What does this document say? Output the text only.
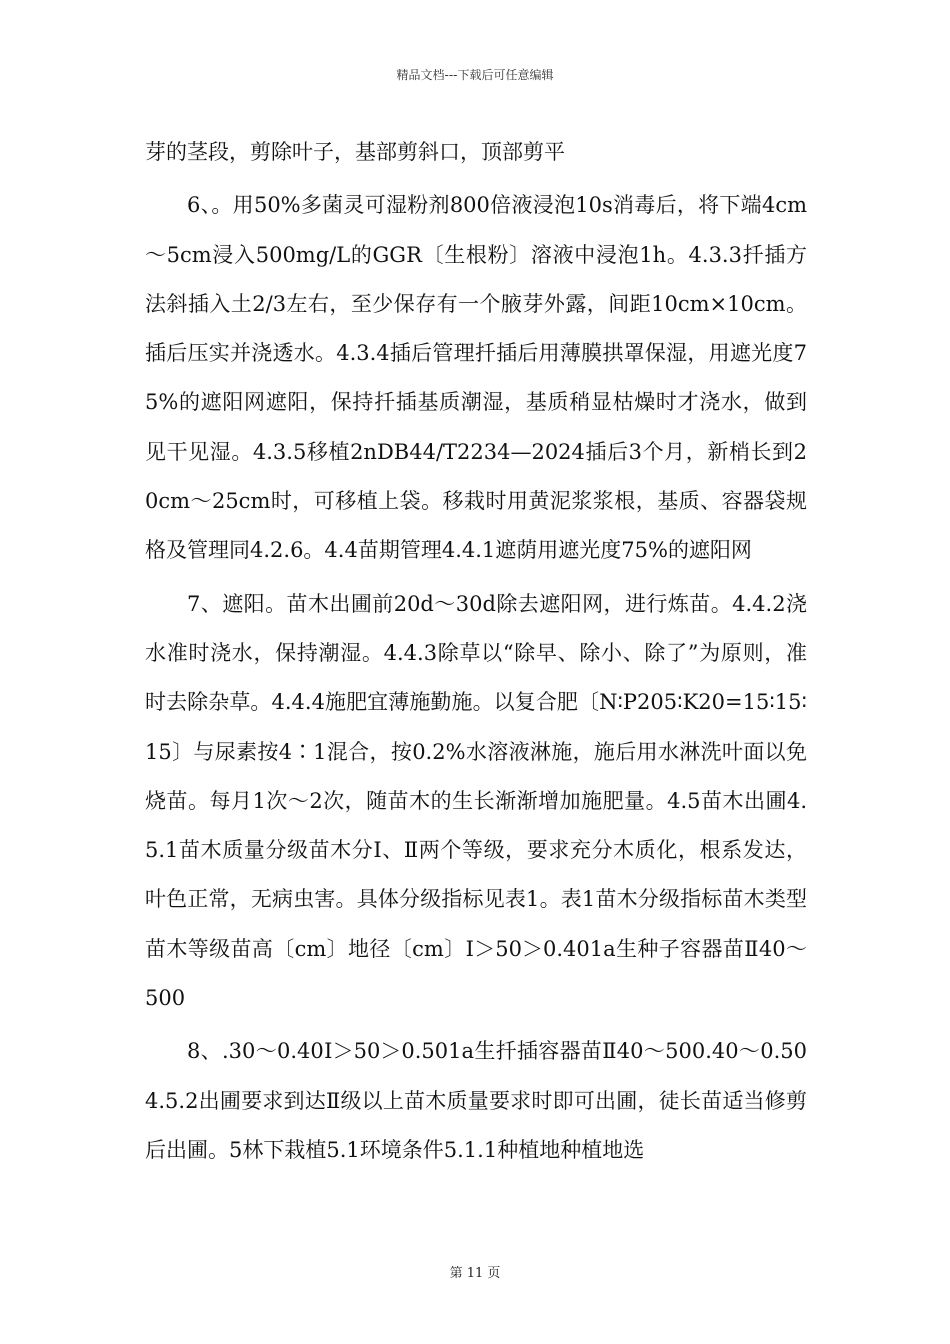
精品文档---下载后可任意编辑

芽的茎段，剪除叶子，基部剪斜口，顶部剪平

6、。用50%多菌灵可湿粉剂800倍液浸泡10s消毒后，将下端4cm～5cm浸入500mg/L的GGR〔生根粉〕溶液中浸泡1h。4.3.3扦插方法斜插入土2/3左右，至少保存有一个腋芽外露，间距10cm×10cm。插后压实并浇透水。4.3.4插后管理扦插后用薄膜拱罩保湿，用遮光度75%的遮阳网遮阳，保持扦插基质潮湿，基质稍显枯燥时才浇水，做到见干见湿。4.3.5移植2nDB44/T2234—2024插后3个月，新梢长到20cm～25cm时，可移植上袋。移栽时用黄泥浆浆根，基质、容器袋规格及管理同4.2.6。4.4苗期管理4.4.1遮荫用遮光度75%的遮阳网

7、遮阳。苗木出圃前20d～30d除去遮阳网，进行炼苗。4.4.2浇水准时浇水，保持潮湿。4.4.3除草以“除早、除小、除了”为原则，准时去除杂草。4.4.4施肥宜薄施勤施。以复合肥〔N∶P205∶K20=15∶15∶15〕与尿素按4∶1混合，按0.2%水溶液淋施，施后用水淋洗叶面以免烧苗。每月1次～2次，随苗木的生长渐渐增加施肥量。4.5苗木出圃4.5.1苗木质量分级苗木分Ⅰ、Ⅱ两个等级，要求充分木质化，根系发达，叶色正常，无病虫害。具体分级指标见表1。表1苗木分级指标苗木类型苗木等级苗高〔cm〕地径〔cm〕Ⅰ＞50＞0.401a生种子容器苗Ⅱ40～500

8、.30～0.40Ⅰ＞50＞0.501a生扦插容器苗Ⅱ40～500.40～0.504.5.2出圃要求到达Ⅱ级以上苗木质量要求时即可出圃，徒长苗适当修剪后出圃。5林下栽植5.1环境条件5.1.1种植地种植地选

第 11 页
